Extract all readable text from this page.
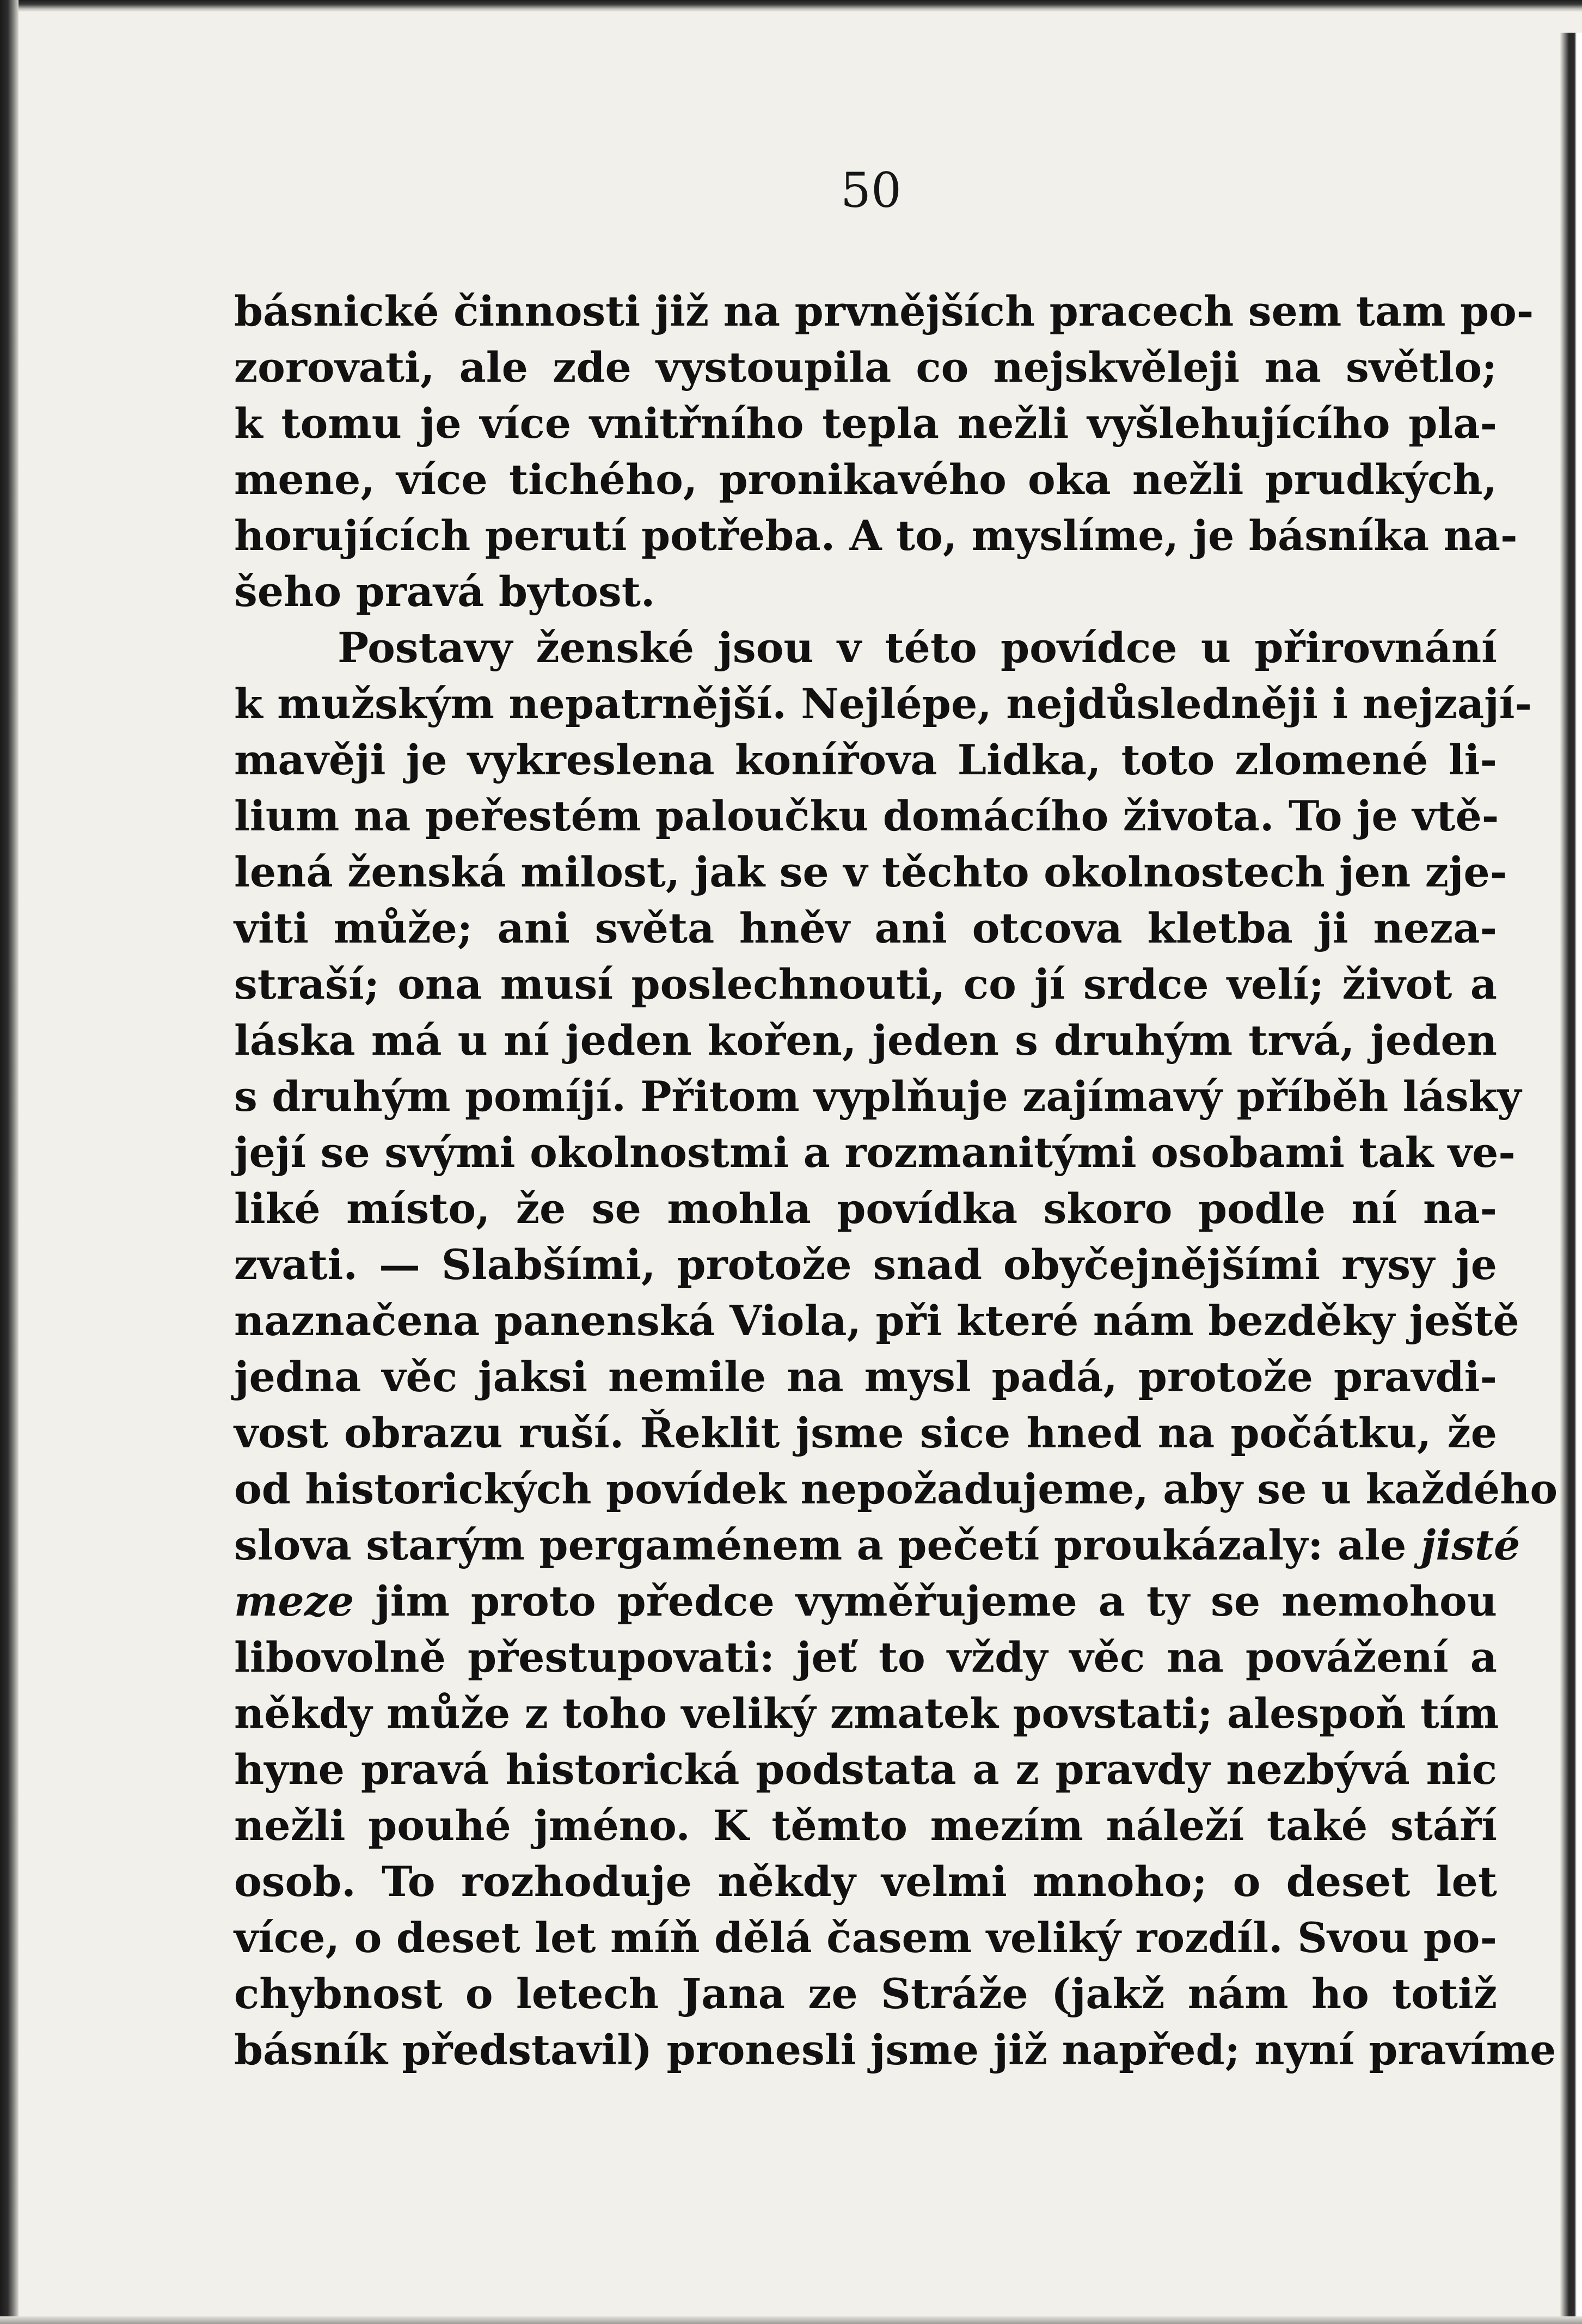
50
básnické činnosti již na prvnějších pracech sem tam po-
zorovati, ale zde vystoupila co nejskvěleji na světlo;
k tomu je více vnitřního tepla nežli vyšlehujícího pla-
mene, více tichého, pronikavého oka nežli prudkých,
horujících perutí potřeba. A to, myslíme, je básníka na-
šeho pravá bytost.
Postavy ženské jsou v této povídce u přirovnání
k mužským nepatrnější. Nejlépe, nejdůsledněji i nejzají-
mavěji je vykreslena konířova Lidka, toto zlomené li-
lium na peřestém paloučku domácího života. To je vtě-
lená ženská milost, jak se v těchto okolnostech jen zje-
viti může; ani světa hněv ani otcova kletba ji neza-
straší; ona musí poslechnouti, co jí srdce velí; život a
láska má u ní jeden kořen, jeden s druhým trvá, jeden
s druhým pomíjí. Přitom vyplňuje zajímavý příběh lásky
její se svými okolnostmi a rozmanitými osobami tak ve-
liké místo, že se mohla povídka skoro podle ní na-
zvati. — Slabšími, protože snad obyčejnějšími rysy je
naznačena panenská Viola, při které nám bezděky ještě
jedna věc jaksi nemile na mysl padá, protože pravdi-
vost obrazu ruší. Řeklit jsme sice hned na počátku, že
od historických povídek nepožadujeme, aby se u každého
slova starým pergaménem a pečetí proukázaly: ale jisté
meze jim proto předce vyměřujeme a ty se nemohou
libovolně přestupovati: jeť to vždy věc na povážení a
někdy může z toho veliký zmatek povstati; alespoň tím
hyne pravá historická podstata a z pravdy nezbývá nic
nežli pouhé jméno. K těmto mezím náleží také stáří
osob. To rozhoduje někdy velmi mnoho; o deset let
více, o deset let míň dělá časem veliký rozdíl. Svou po-
chybnost o letech Jana ze Stráže (jakž nám ho totiž
básník představil) pronesli jsme již napřed; nyní pravíme
